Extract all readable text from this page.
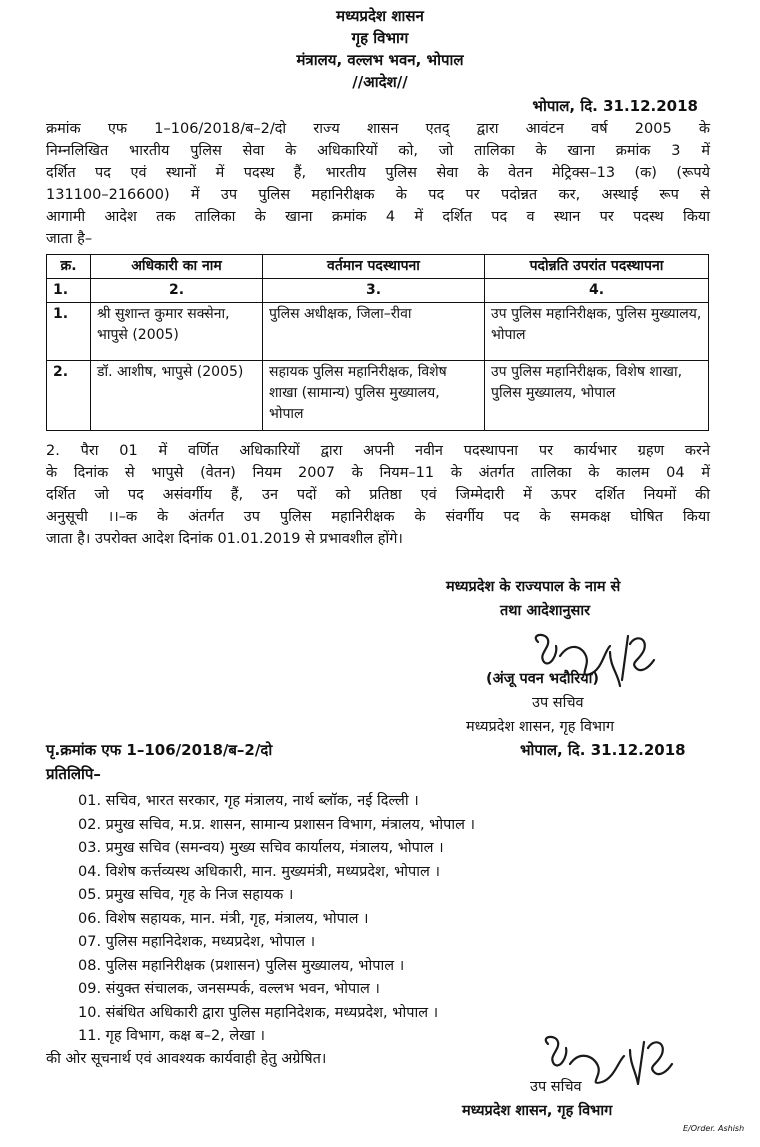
मध्यप्रदेश शासन
गृह विभाग
मंत्रालय, वल्लभ भवन, भोपाल
//आदेश//
भोपाल, दि. 31.12.2018
क्रमांक एफ 1–106/2018/ब–2/दो राज्य शासन एतद् द्वारा आवंटन वर्ष 2005 के
निम्नलिखित भारतीय पुलिस सेवा के अधिकारियों को, जो तालिका के खाना क्रमांक 3 में
दर्शित पद एवं स्थानों में पदस्थ हैं, भारतीय पुलिस सेवा के वेतन मेट्रिक्स–13 (क) (रूपये
131100–216600) में उप पुलिस महानिरीक्षक के पद पर पदोन्नत कर, अस्थाई रूप से
आगामी आदेश तक तालिका के खाना क्रमांक 4 में दर्शित पद व स्थान पर पदस्थ किया
जाता है–
क्र.	अधिकारी का नाम	वर्तमान पदस्थापना	पदोन्नति उपरांत पदस्थापना
1.	2.	3.	4.
1.	श्री सुशान्त कुमार सक्सेना, भापुसे (2005)	पुलिस अधीक्षक, जिला–रीवा	उप पुलिस महानिरीक्षक, पुलिस मुख्यालय, भोपाल
2.	डॉ. आशीष, भापुसे (2005)	सहायक पुलिस महानिरीक्षक, विशेष शाखा (सामान्य) पुलिस मुख्यालय, भोपाल	उप पुलिस महानिरीक्षक, विशेष शाखा, पुलिस मुख्यालय, भोपाल
2. पैरा 01 में वर्णित अधिकारियों द्वारा अपनी नवीन पदस्थापना पर कार्यभार ग्रहण करने
के दिनांक से भापुसे (वेतन) नियम 2007 के नियम–11 के अंतर्गत तालिका के कालम 04 में
दर्शित जो पद असंवर्गीय हैं, उन पदों को प्रतिष्ठा एवं जिम्मेदारी में ऊपर दर्शित नियमों की
अनुसूची ।।–क के अंतर्गत उप पुलिस महानिरीक्षक के संवर्गीय पद के समकक्ष घोषित किया
जाता है। उपरोक्त आदेश दिनांक 01.01.2019 से प्रभावशील होंगे।
मध्यप्रदेश के राज्यपाल के नाम से
तथा आदेशानुसार
(अंजू पवन भदौरिया)
उप सचिव
मध्यप्रदेश शासन, गृह विभाग
पृ.क्रमांक एफ 1–106/2018/ब–2/दो	भोपाल, दि. 31.12.2018
प्रतिलिपि–
01. सचिव, भारत सरकार, गृह मंत्रालय, नार्थ ब्लॉक, नई दिल्ली ।
02. प्रमुख सचिव, म.प्र. शासन, सामान्य प्रशासन विभाग, मंत्रालय, भोपाल ।
03. प्रमुख सचिव (समन्वय) मुख्य सचिव कार्यालय, मंत्रालय, भोपाल ।
04. विशेष कर्त्तव्यस्थ अधिकारी, मान. मुख्यमंत्री, मध्यप्रदेश, भोपाल ।
05. प्रमुख सचिव, गृह के निज सहायक ।
06. विशेष सहायक, मान. मंत्री, गृह, मंत्रालय, भोपाल ।
07. पुलिस महानिदेशक, मध्यप्रदेश, भोपाल ।
08. पुलिस महानिरीक्षक (प्रशासन) पुलिस मुख्यालय, भोपाल ।
09. संयुक्त संचालक, जनसम्पर्क, वल्लभ भवन, भोपाल ।
10. संबंधित अधिकारी द्वारा पुलिस महानिदेशक, मध्यप्रदेश, भोपाल ।
11. गृह विभाग, कक्ष ब–2, लेखा ।
की ओर सूचनार्थ एवं आवश्यक कार्यवाही हेतु अग्रेषित।
उप सचिव
मध्यप्रदेश शासन, गृह विभाग
E/Order. Ashish
